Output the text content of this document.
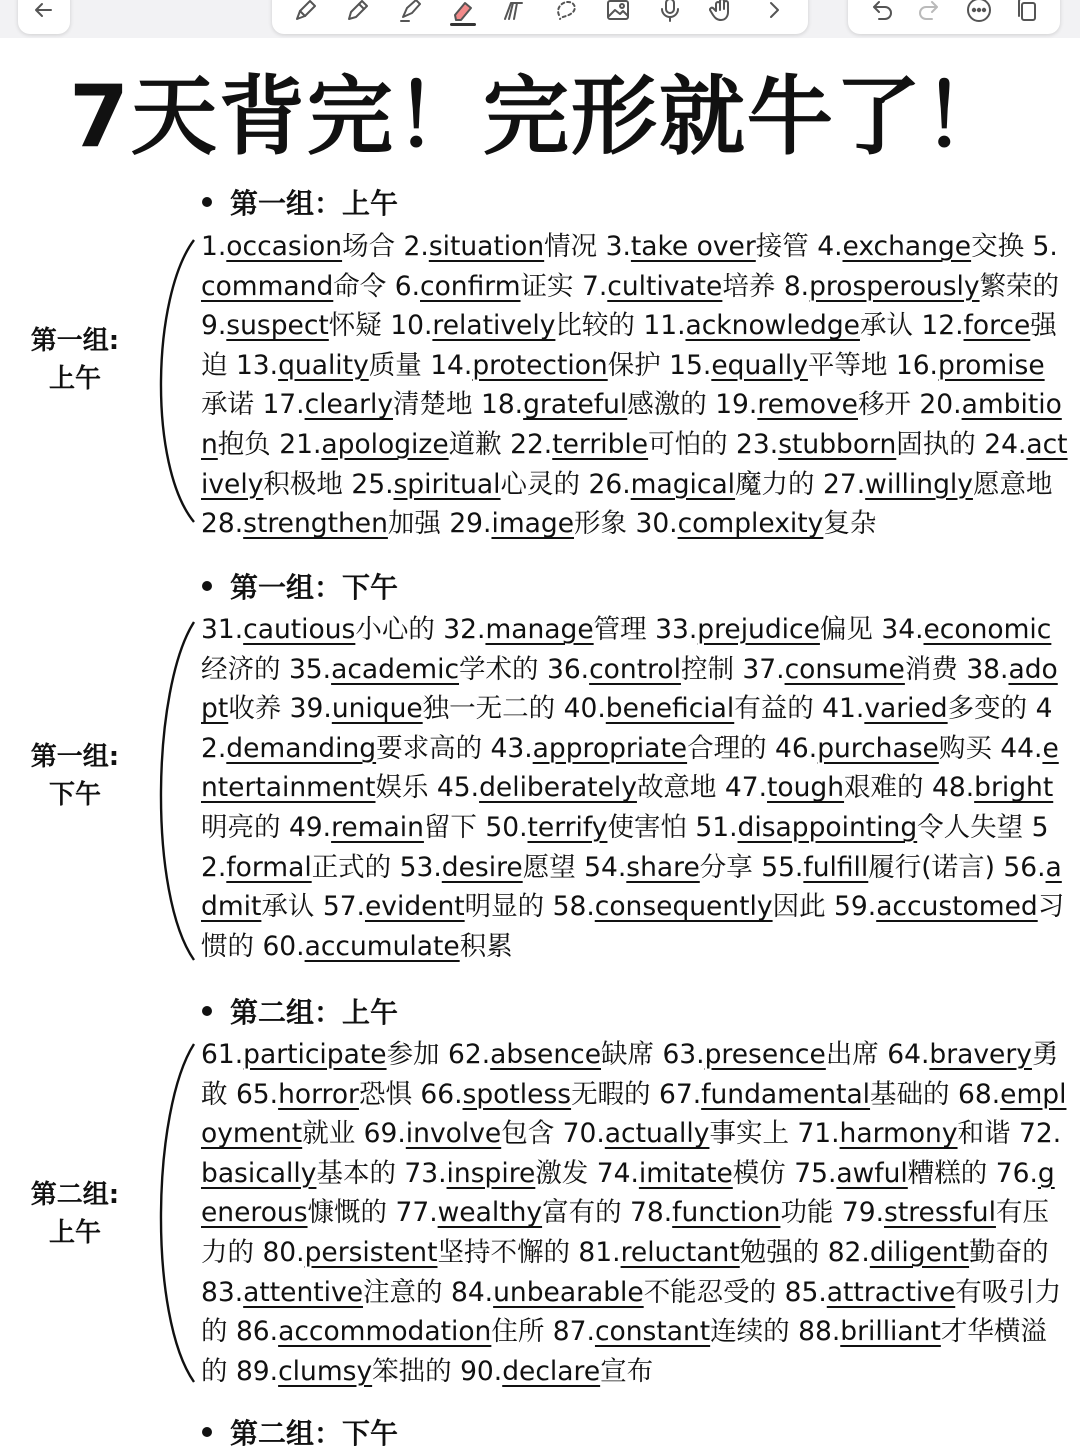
7天背完！完形就牛了！
第一组：上午
第一组:
上午

1.occasion场合 2.situation情况 3.take over接管 4.exchange交换 5.command命令 6.confirm证实 7.cultivate培养 8.prosperously繁荣的 9.suspect怀疑 10.relatively比较的 11.acknowledge承认 12.force强迫 13.quality质量 14.protection保护 15.equally平等地 16.promise承诺 17.clearly清楚地 18.grateful感激的 19.remove移开 20.ambition抱负 21.apologize道歉 22.terrible可怕的 23.stubborn固执的 24.actively积极地 25.spiritual心灵的 26.magical魔力的 27.willingly愿意地 28.strengthen加强 29.image形象 30.complexity复杂

第一组：下午
第一组:
下午

31.cautious小心的 32.manage管理 33.prejudice偏见 34.economic经济的 35.academic学术的 36.control控制 37.consume消费 38.adopt收养 39.unique独一无二的 40.beneficial有益的 41.varied多变的 42.demanding要求高的 43.appropriate合理的 46.purchase购买 44.entertainment娱乐 45.deliberately故意地 47.tough艰难的 48.bright明亮的 49.remain留下 50.terrify使害怕 51.disappointing令人失望 52.formal正式的 53.desire愿望 54.share分享 55.fulfill履行(诺言) 56.admit承认 57.evident明显的 58.consequently因此 59.accustomed习惯的 60.accumulate积累

第二组：上午
第二组:
上午

61.participate参加 62.absence缺席 63.presence出席 64.bravery勇敢 65.horror恐惧 66.spotless无暇的 67.fundamental基础的 68.employment就业 69.involve包含 70.actually事实上 71.harmony和谐 72.basically基本的 73.inspire激发 74.imitate模仿 75.awful糟糕的 76.generous慷慨的 77.wealthy富有的 78.function功能 79.stressful有压力的 80.persistent坚持不懈的 81.reluctant勉强的 82.diligent勤奋的 83.attentive注意的 84.unbearable不能忍受的 85.attractive有吸引力的 86.accommodation住所 87.constant连续的 88.brilliant才华横溢的 89.clumsy笨拙的 90.declare宣布

第二组：下午
